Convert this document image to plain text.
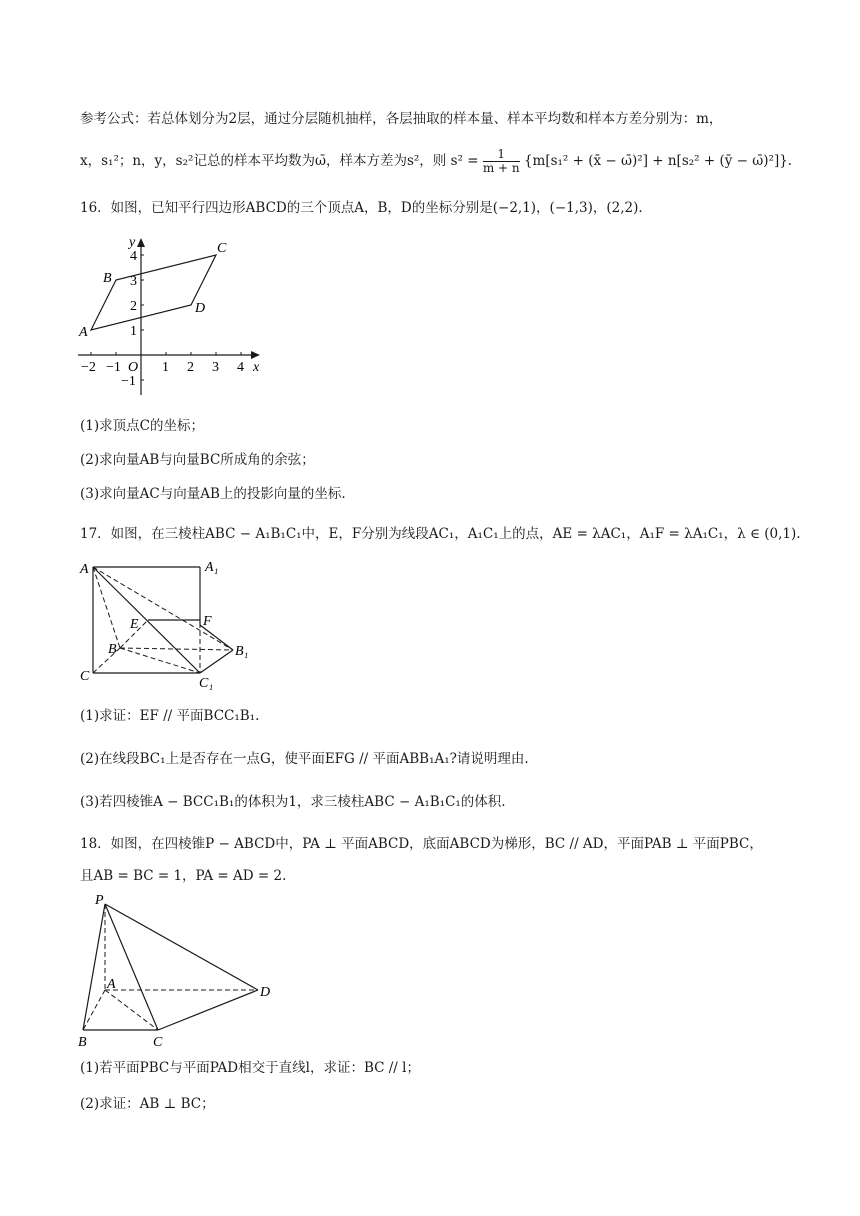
参考公式：若总体划分为2层，通过分层随机抽样，各层抽取的样本量、样本平均数和样本方差分别为：m，
x，s₁²；n，y，s₂²记总的样本平均数为ω̄，样本方差为s²，则 $s^2 = \frac{1}{m + n} \{m[s_1^2$ + (x̄ − ω̄)²] + n[s₂² + (ȳ − ω̄)²]}.
16．如图，已知平行四边形ABCD的三个顶点A，B，D的坐标分别是(−2,1)，(−1,3)，(2,2).
−2 −1	1 2 3 4
1
2
3
4
−1
O	x
y
A
B
C
D
(1)求顶点C的坐标；
(2)求向量AB与向量BC所成角的余弦；
(3)求向量AC与向量AB上的投影向量的坐标.
17．如图，在三棱柱ABC − A₁B₁C₁中，E，F分别为线段AC₁，A₁C₁上的点，AE = λAC₁，A₁F = λA₁C₁，λ ∈ (0,1).
A	A₁
E	F
B	B₁
C	C₁
(1)求证：EF // 平面BCC₁B₁.
(2)在线段BC₁上是否存在一点G，使平面EFG // 平面ABB₁A₁?请说明理由.
(3)若四棱锥A − BCC₁B₁的体积为1，求三棱柱ABC − A₁B₁C₁的体积.
18．如图，在四棱锥P − ABCD中，PA ⊥ 平面ABCD，底面ABCD为梯形，BC // AD，平面PAB ⊥ 平面PBC，
且AB = BC = 1，PA = AD = 2.
P
A
D
B	C
(1)若平面PBC与平面PAD相交于直线l，求证：BC // l；
(2)求证：AB ⊥ BC；
